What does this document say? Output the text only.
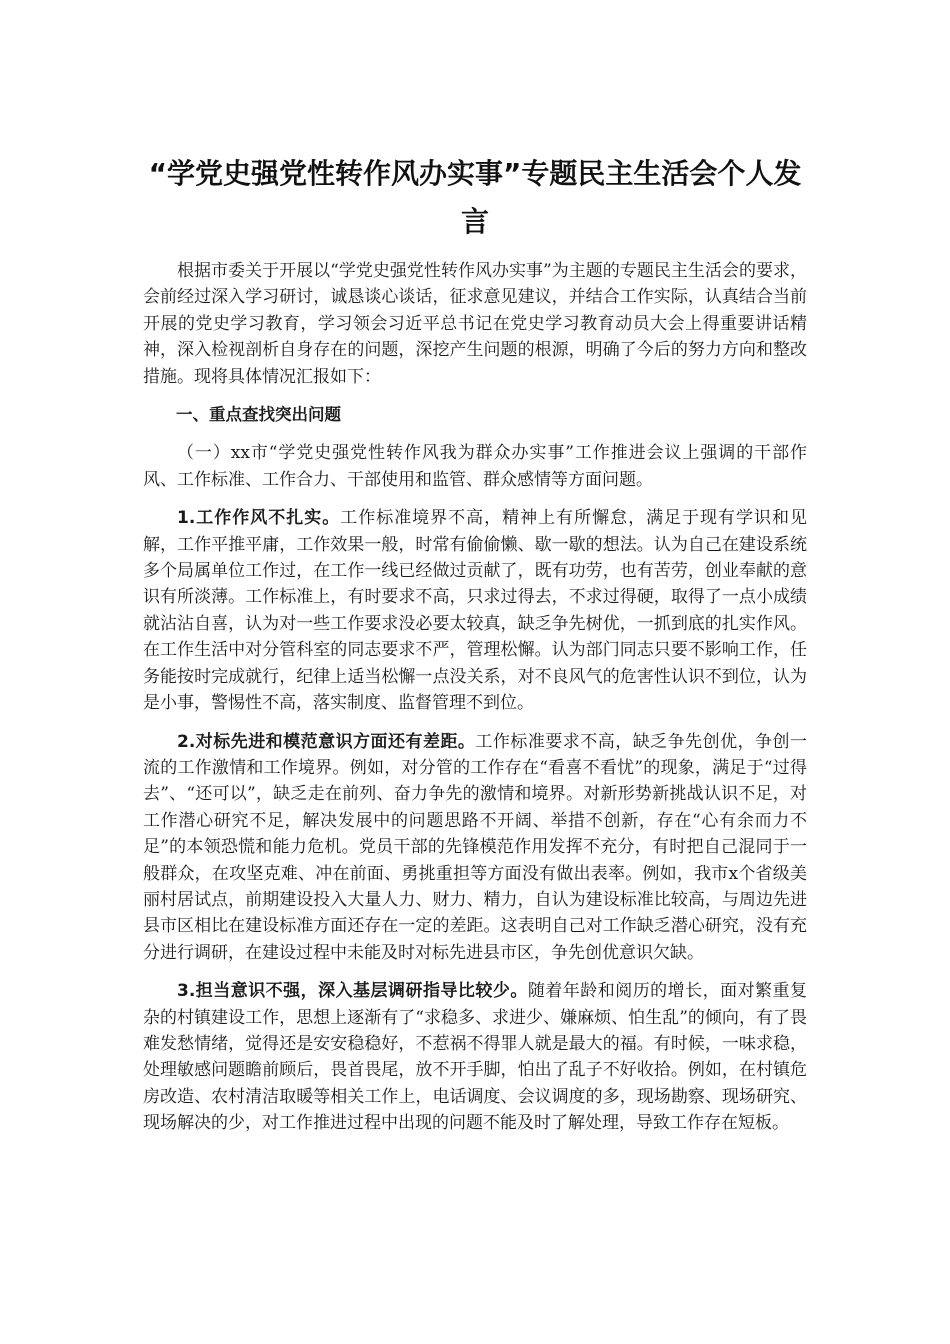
“学党史强党性转作风办实事”专题民主生活会个人发言

根据市委关于开展以“学党史强党性转作风办实事”为主题的专题民主生活会的要求，会前经过深入学习研讨，诚恳谈心谈话，征求意见建议，并结合工作实际，认真结合当前开展的党史学习教育，学习领会习近平总书记在党史学习教育动员大会上得重要讲话精神，深入检视剖析自身存在的问题，深挖产生问题的根源，明确了今后的努力方向和整改措施。现将具体情况汇报如下：

一、重点查找突出问题

（一）xx市“学党史强党性转作风我为群众办实事”工作推进会议上强调的干部作风、工作标准、工作合力、干部使用和监管、群众感情等方面问题。

1.工作作风不扎实。工作标准境界不高，精神上有所懈怠，满足于现有学识和见解，工作平推平庸，工作效果一般，时常有偷偷懒、歇一歇的想法。认为自己在建设系统多个局属单位工作过，在工作一线已经做过贡献了，既有功劳，也有苦劳，创业奉献的意识有所淡薄。工作标准上，有时要求不高，只求过得去，不求过得硬，取得了一点小成绩就沾沾自喜，认为对一些工作要求没必要太较真，缺乏争先树优，一抓到底的扎实作风。在工作生活中对分管科室的同志要求不严，管理松懈。认为部门同志只要不影响工作，任务能按时完成就行，纪律上适当松懈一点没关系，对不良风气的危害性认识不到位，认为是小事，警惕性不高，落实制度、监督管理不到位。

2.对标先进和模范意识方面还有差距。工作标准要求不高，缺乏争先创优，争创一流的工作激情和工作境界。例如，对分管的工作存在“看喜不看忧”的现象，满足于“过得去”、“还可以”，缺乏走在前列、奋力争先的激情和境界。对新形势新挑战认识不足，对工作潜心研究不足，解决发展中的问题思路不开阔、举措不创新，存在“心有余而力不足”的本领恐慌和能力危机。党员干部的先锋模范作用发挥不充分，有时把自己混同于一般群众，在攻坚克难、冲在前面、勇挑重担等方面没有做出表率。例如，我市x个省级美丽村居试点，前期建设投入大量人力、财力、精力，自认为建设标准比较高，与周边先进县市区相比在建设标准方面还存在一定的差距。这表明自己对工作缺乏潜心研究，没有充分进行调研，在建设过程中未能及时对标先进县市区，争先创优意识欠缺。

3.担当意识不强，深入基层调研指导比较少。随着年龄和阅历的增长，面对繁重复杂的村镇建设工作，思想上逐渐有了“求稳多、求进少、嫌麻烦、怕生乱”的倾向，有了畏难发愁情绪，觉得还是安安稳稳好，不惹祸不得罪人就是最大的福。有时候，一味求稳，处理敏感问题瞻前顾后，畏首畏尾，放不开手脚，怕出了乱子不好收拾。例如，在村镇危房改造、农村清洁取暖等相关工作上，电话调度、会议调度的多，现场勘察、现场研究、现场解决的少，对工作推进过程中出现的问题不能及时了解处理，导致工作存在短板。
